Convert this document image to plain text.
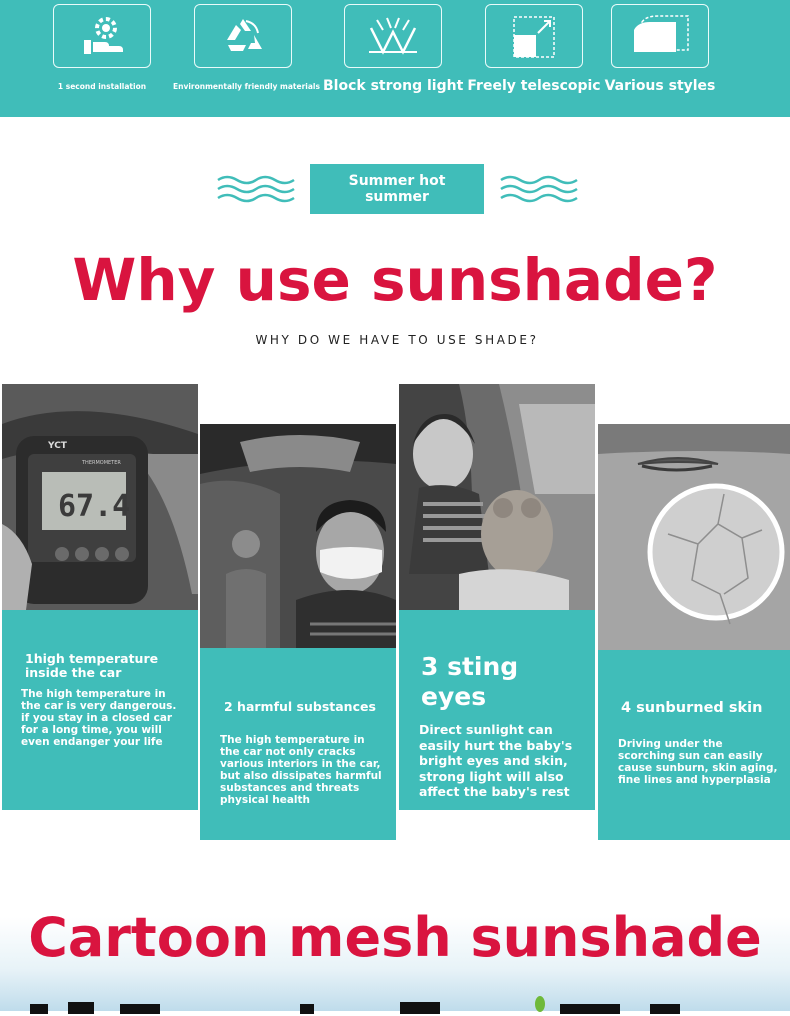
1 second installation	Environmentally friendly materials Block strong light Freely telescopic Various styles
Summer hot
summer
Why use sunshade?
WHY DO WE HAVE TO USE SHADE?
YCT
THERMOMETER
67.4
1high temperature inside the car
The high temperature in the car is very dangerous. if you stay in a closed car for a long time, you will even endanger your life
2 harmful substances
The high temperature in the car not only cracks various interiors in the car, but also dissipates harmful substances and threats physical health
3 sting eyes
Direct sunlight can easily hurt the baby's bright eyes and skin, strong light will also affect the baby's rest
4 sunburned skin
Driving under the scorching sun can easily cause sunburn, skin aging, fine lines and hyperplasia
Cartoon mesh sunshade
